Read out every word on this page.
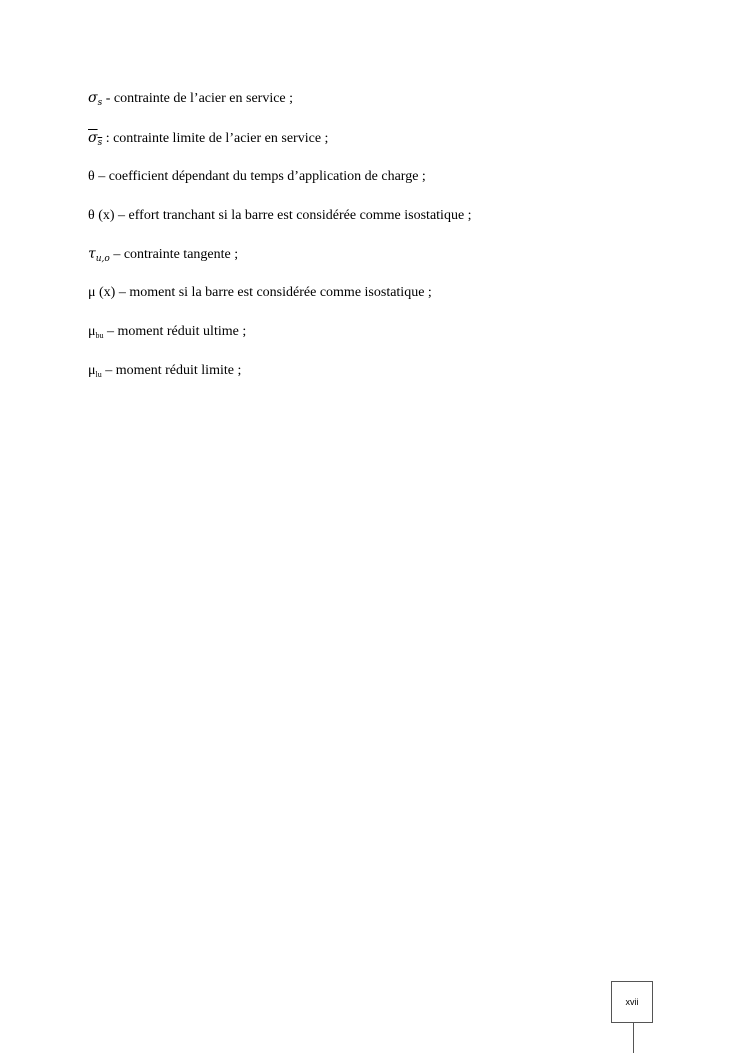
$\sigma_s$ - contrainte de l’acier en service ;
$\sigma_s$ : contrainte limite de l’acier en service ;
θ – coefficient dépendant du temps d’application de charge ;
θ (x) – effort tranchant si la barre est considérée comme isostatique ;
$\tau_{u,o}$ – contrainte tangente ;
μ (x) – moment si la barre est considérée comme isostatique ;
$\mu_{bu}$ – moment réduit ultime ;
$\mu_{lu}$ – moment réduit limite ;
xvii
